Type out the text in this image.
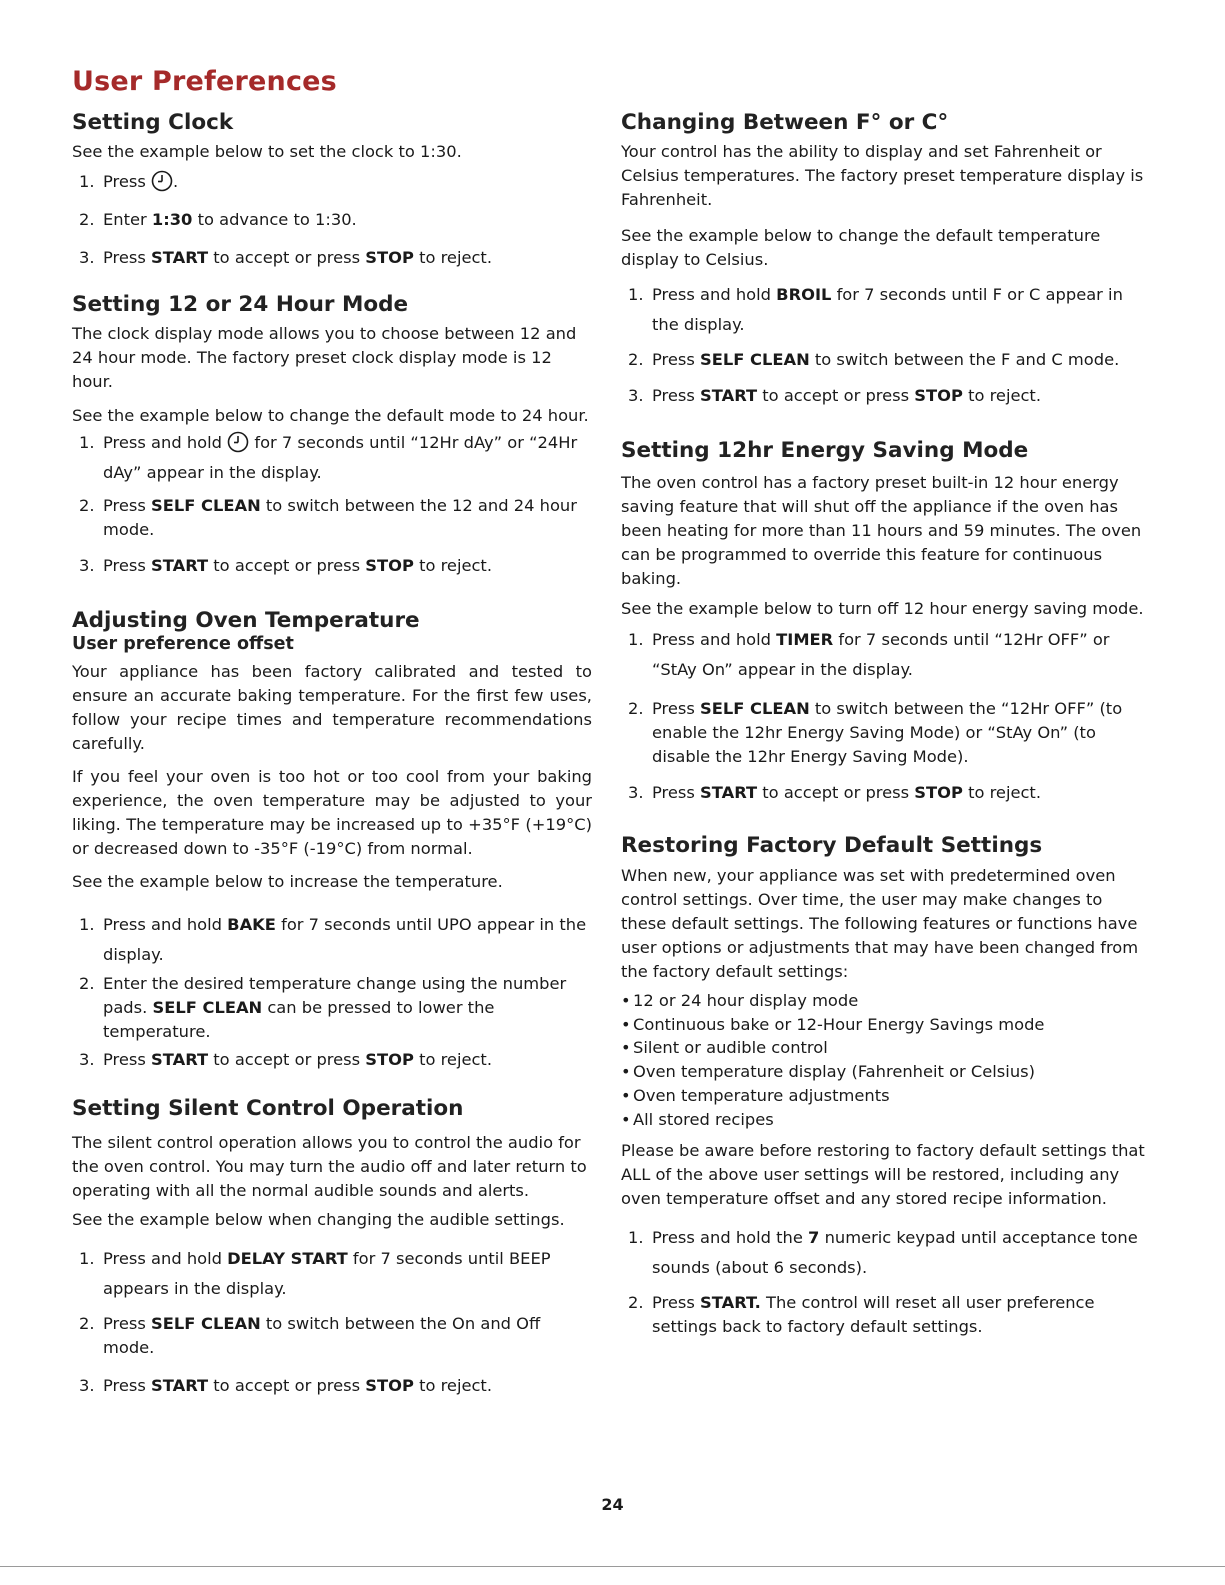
User Preferences
Setting Clock

See the example below to set the clock to 1:30.

1. Press .
2. Enter 1:30 to advance to 1:30.
3. Press START to accept or press STOP to reject.
Setting 12 or 24 Hour Mode

The clock display mode allows you to choose between 12 and 24 hour mode. The factory preset clock display mode is 12 hour.

See the example below to change the default mode to 24 hour.

1. Press and hold  for 7 seconds until “12Hr dAy” or “24Hr dAy” appear in the display.
2. Press SELF CLEAN to switch between the 12 and 24 hour mode.
3. Press START to accept or press STOP to reject.
Adjusting Oven Temperature
User preference offset

Your appliance has been factory calibrated and tested to ensure an accurate baking temperature. For the first few uses, follow your recipe times and temperature recommendations carefully.

If you feel your oven is too hot or too cool from your baking experience, the oven temperature may be adjusted to your liking. The temperature may be increased up to +35°F (+19°C) or decreased down to -35°F (-19°C) from normal.

See the example below to increase the temperature.

1. Press and hold BAKE for 7 seconds until UPO appear in the display.
2. Enter the desired temperature change using the number pads. SELF CLEAN can be pressed to lower the temperature.
3. Press START to accept or press STOP to reject.
Setting Silent Control Operation

The silent control operation allows you to control the audio for the oven control. You may turn the audio off and later return to operating with all the normal audible sounds and alerts.

See the example below when changing the audible settings.

1. Press and hold DELAY START for 7 seconds until BEEP appears in the display.
2. Press SELF CLEAN to switch between the On and Off mode.
3. Press START to accept or press STOP to reject.
Changing Between F° or C°

Your control has the ability to display and set Fahrenheit or Celsius temperatures. The factory preset temperature display is Fahrenheit.

See the example below to change the default temperature display to Celsius.

1. Press and hold BROIL for 7 seconds until F or C appear in the display.
2. Press SELF CLEAN to switch between the F and C mode.
3. Press START to accept or press STOP to reject.
Setting 12hr Energy Saving Mode

The oven control has a factory preset built-in 12 hour energy saving feature that will shut off the appliance if the oven has been heating for more than 11 hours and 59 minutes. The oven can be programmed to override this feature for continuous baking.

See the example below to turn off 12 hour energy saving mode.

1. Press and hold TIMER for 7 seconds until “12Hr OFF” or “StAy On” appear in the display.
2. Press SELF CLEAN to switch between the “12Hr OFF” (to enable the 12hr Energy Saving Mode) or “StAy On” (to disable the 12hr Energy Saving Mode).
3. Press START to accept or press STOP to reject.
Restoring Factory Default Settings

When new, your appliance was set with predetermined oven control settings. Over time, the user may make changes to these default settings. The following features or functions have user options or adjustments that may have been changed from the factory default settings:

• 12 or 24 hour display mode
• Continuous bake or 12-Hour Energy Savings mode
• Silent or audible control
• Oven temperature display (Fahrenheit or Celsius)
• Oven temperature adjustments
• All stored recipes

Please be aware before restoring to factory default settings that ALL of the above user settings will be restored, including any oven temperature offset and any stored recipe information.

1. Press and hold the 7 numeric keypad until acceptance tone sounds (about 6 seconds).
2. Press START. The control will reset all user preference settings back to factory default settings.
24
